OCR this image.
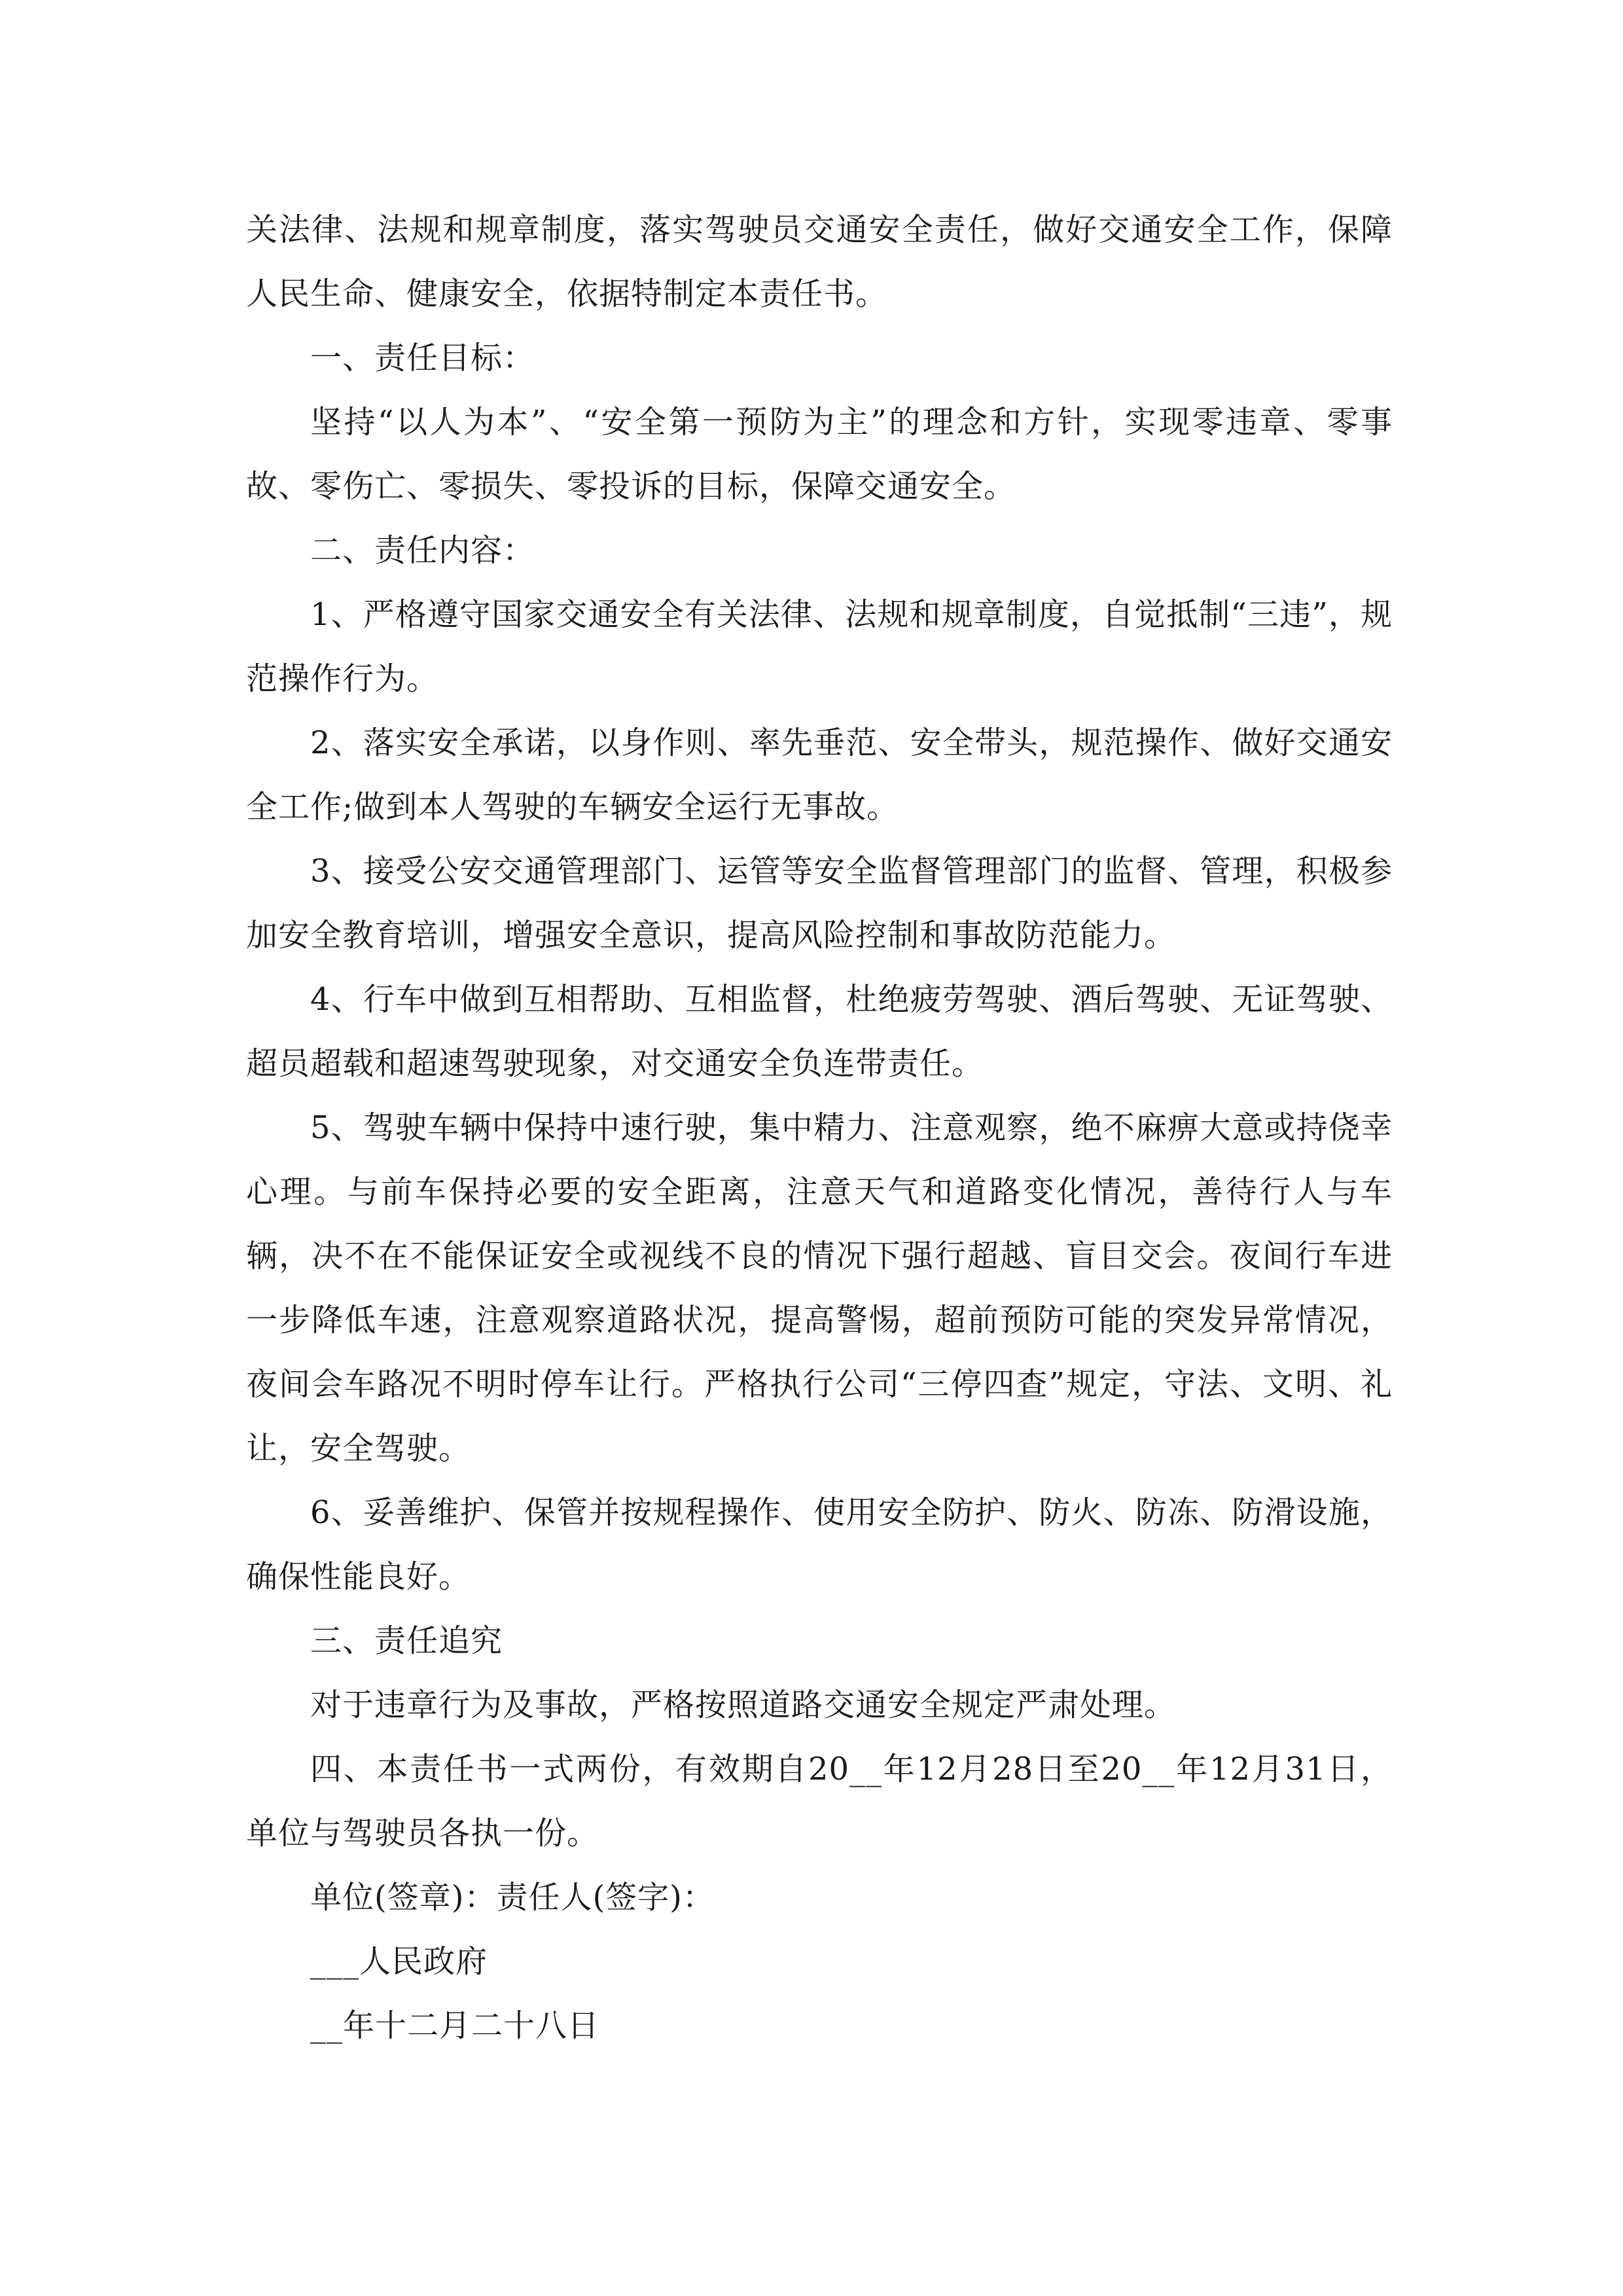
关法律、法规和规章制度，落实驾驶员交通安全责任，做好交通安全工作，保障人民生命、健康安全，依据特制定本责任书。

一、责任目标：

坚持“以人为本”、“安全第一预防为主”的理念和方针，实现零违章、零事故、零伤亡、零损失、零投诉的目标，保障交通安全。

二、责任内容：

1、严格遵守国家交通安全有关法律、法规和规章制度，自觉抵制“三违”，规范操作行为。

2、落实安全承诺，以身作则、率先垂范、安全带头，规范操作、做好交通安全工作;做到本人驾驶的车辆安全运行无事故。

3、接受公安交通管理部门、运管等安全监督管理部门的监督、管理，积极参加安全教育培训，增强安全意识，提高风险控制和事故防范能力。

4、行车中做到互相帮助、互相监督，杜绝疲劳驾驶、酒后驾驶、无证驾驶、超员超载和超速驾驶现象，对交通安全负连带责任。

5、驾驶车辆中保持中速行驶，集中精力、注意观察，绝不麻痹大意或持侥幸心理。与前车保持必要的安全距离，注意天气和道路变化情况，善待行人与车辆，决不在不能保证安全或视线不良的情况下强行超越、盲目交会。夜间行车进一步降低车速，注意观察道路状况，提高警惕，超前预防可能的突发异常情况，夜间会车路况不明时停车让行。严格执行公司“三停四查”规定，守法、文明、礼让，安全驾驶。

6、妥善维护、保管并按规程操作、使用安全防护、防火、防冻、防滑设施，确保性能良好。

三、责任追究

对于违章行为及事故，严格按照道路交通安全规定严肃处理。

四、本责任书一式两份，有效期自20__年12月28日至20__年12月31日，单位与驾驶员各执一份。

单位(签章)：责任人(签字)：

___人民政府

__年十二月二十八日
